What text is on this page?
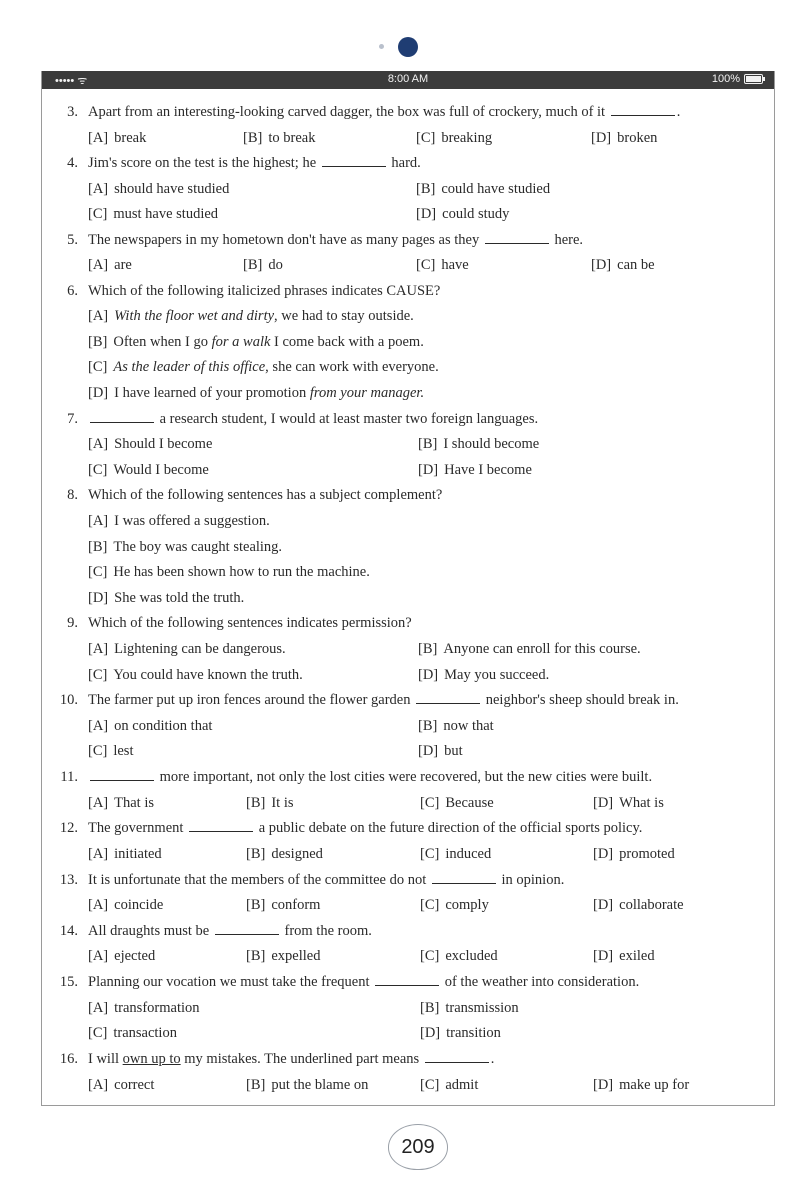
••••• ᯤ	8:00 AM	100%
3. Apart from an interesting-looking carved dagger, the box was full of crockery, much of it	.
[A] break	[B] to break	[C] breaking	[D] broken
4. Jim's score on the test is the highest; he	hard.
[A] should have studied	[B] could have studied
[C] must have studied	[D] could study
5. The newspapers in my hometown don't have as many pages as they	here.
[A] are	[B] do	[C] have	[D] can be
6. Which of the following italicized phrases indicates CAUSE?
[A] With the floor wet and dirty, we had to stay outside.
[B] Often when I go for a walk I come back with a poem.
[C] As the leader of this office, she can work with everyone.
[D] I have learned of your promotion from your manager.
7.	a research student, I would at least master two foreign languages.
[A] Should I become	[B] I should become
[C] Would I become	[D] Have I become
8. Which of the following sentences has a subject complement?
[A] I was offered a suggestion.
[B] The boy was caught stealing.
[C] He has been shown how to run the machine.
[D] She was told the truth.
9. Which of the following sentences indicates permission?
[A] Lightening can be dangerous.	[B] Anyone can enroll for this course.
[C] You could have known the truth.	[D] May you succeed.
10. The farmer put up iron fences around the flower garden	neighbor's sheep should break in.
[A] on condition that	[B] now that
[C] lest	[D] but
11.	more important, not only the lost cities were recovered, but the new cities were built.
[A] That is	[B] It is	[C] Because	[D] What is
12. The government	a public debate on the future direction of the official sports policy.
[A] initiated	[B] designed	[C] induced	[D] promoted
13. It is unfortunate that the members of the committee do not	in opinion.
[A] coincide	[B] conform	[C] comply	[D] collaborate
14. All draughts must be	from the room.
[A] ejected	[B] expelled	[C] excluded	[D] exiled
15. Planning our vocation we must take the frequent	of the weather into consideration.
[A] transformation	[B] transmission
[C] transaction	[D] transition
16. I will own up to my mistakes. The underlined part means	.
[A] correct	[B] put the blame on	[C] admit	[D] make up for
209
